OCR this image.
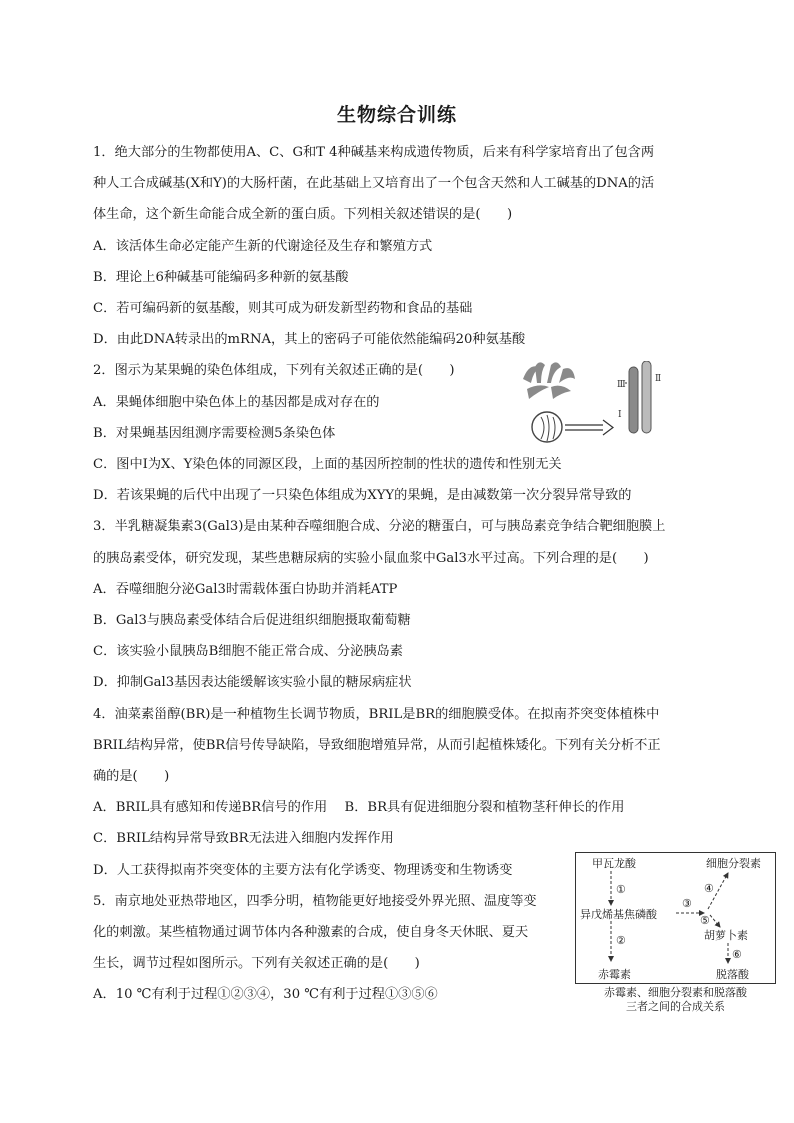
生物综合训练
1．绝大部分的生物都使用A、C、G和T 4种碱基来构成遗传物质，后来有科学家培育出了包含两
种人工合成碱基(X和Y)的大肠杆菌，在此基础上又培育出了一个包含天然和人工碱基的DNA的活
体生命，这个新生命能合成全新的蛋白质。下列相关叙述错误的是(　　)
A．该活体生命必定能产生新的代谢途径及生存和繁殖方式
B．理论上6种碱基可能编码多种新的氨基酸
C．若可编码新的氨基酸，则其可成为研发新型药物和食品的基础
D．由此DNA转录出的mRNA，其上的密码子可能依然能编码20种氨基酸
2．图示为某果蝇的染色体组成，下列有关叙述正确的是(　　)
A．果蝇体细胞中染色体上的基因都是成对存在的
B．对果蝇基因组测序需要检测5条染色体
C．图中Ⅰ为X、Y染色体的同源区段，上面的基因所控制的性状的遗传和性别无关
D．若该果蝇的后代中出现了一只染色体组成为XYY的果蝇，是由减数第一次分裂异常导致的
3．半乳糖凝集素3(Gal3)是由某种吞噬细胞合成、分泌的糖蛋白，可与胰岛素竞争结合靶细胞膜上
的胰岛素受体，研究发现，某些患糖尿病的实验小鼠血浆中Gal3水平过高。下列合理的是(　　)
A．吞噬细胞分泌Gal3时需载体蛋白协助并消耗ATP
B．Gal3与胰岛素受体结合后促进组织细胞摄取葡萄糖
C．该实验小鼠胰岛B细胞不能正常合成、分泌胰岛素
D．抑制Gal3基因表达能缓解该实验小鼠的糖尿病症状
4．油菜素甾醇(BR)是一种植物生长调节物质，BRIL是BR的细胞膜受体。在拟南芥突变体植株中
BRIL结构异常，使BR信号传导缺陷，导致细胞增殖异常，从而引起植株矮化。下列有关分析不正
确的是(　　)
A．BRIL具有感知和传递BR信号的作用　 B．BR具有促进细胞分裂和植物茎秆伸长的作用
C．BRIL结构异常导致BR无法进入细胞内发挥作用
D．人工获得拟南芥突变体的主要方法有化学诱变、物理诱变和生物诱变
5．南京地处亚热带地区，四季分明，植物能更好地接受外界光照、温度等变
化的刺激。某些植物通过调节体内各种激素的合成，使自身冬天休眠、夏天
生长，调节过程如图所示。下列有关叙述正确的是(　　)
A．10 ℃有利于过程①②③④，30 ℃有利于过程①③⑤⑥
Ⅲ
Ⅰ
Ⅱ
甲瓦龙酸
异戊烯基焦磷酸
赤霉素
细胞分裂素
胡萝卜素
脱落酸
①
②
③
④
⑤
⑥
赤霉素、细胞分裂素和脱落酸
三者之间的合成关系
